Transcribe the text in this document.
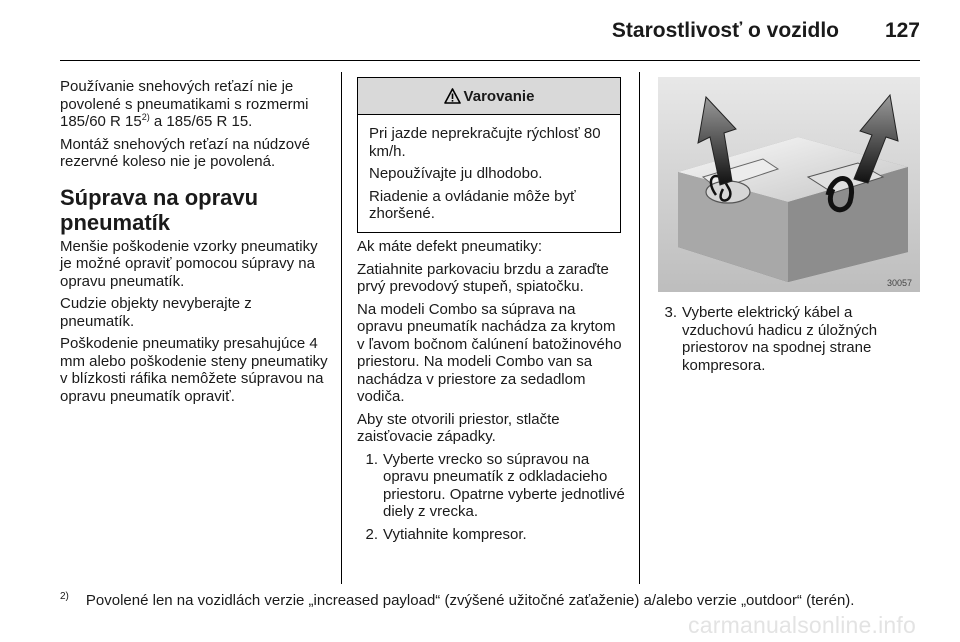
Starostlivosť o vozidlo 127

Používanie snehových reťazí nie je povolené s pneumatikami s rozmermi 185/60 R 15$^{2)}$ a 185/65 R 15.

Montáž snehových reťazí na núdzové rezervné koleso nie je povolená.

Súprava na opravu pneumatík

Menšie poškodenie vzorky pneumatiky je možné opraviť pomocou súpravy na opravu pneumatík.

Cudzie objekty nevyberajte z pneumatík.

Poškodenie pneumatiky presahujúce 4 mm alebo poškodenie steny pneumatiky v blízkosti ráfika nemôžete súpravou na opravu pneumatík opraviť.

Varovanie

Pri jazde neprekračujte rýchlosť 80 km/h.

Nepoužívajte ju dlhodobo.

Riadenie a ovládanie môže byť zhoršené.

Ak máte defekt pneumatiky:

Zatiahnite parkovaciu brzdu a zaraďte prvý prevodový stupeň, spiatočku.

Na modeli Combo sa súprava na opravu pneumatík nachádza za krytom v ľavom bočnom čalúnení batožinového priestoru. Na modeli Combo van sa nachádza v priestore za sedadlom vodiča.

Aby ste otvorili priestor, stlačte zaisťovacie západky.

1. Vyberte vrecko so súpravou na opravu pneumatík z odkladacieho priestoru. Opatrne vyberte jednotlivé diely z vrecka.
2. Vytiahnite kompresor.
30057
3. Vyberte elektrický kábel a vzduchovú hadicu z úložných priestorov na spodnej strane kompresora.
$^{2)}$ Povolené len na vozidlách verzie „increased payload“ (zvýšené užitočné zaťaženie) a/alebo verzie „outdoor“ (terén).
carmanualsonline.info
